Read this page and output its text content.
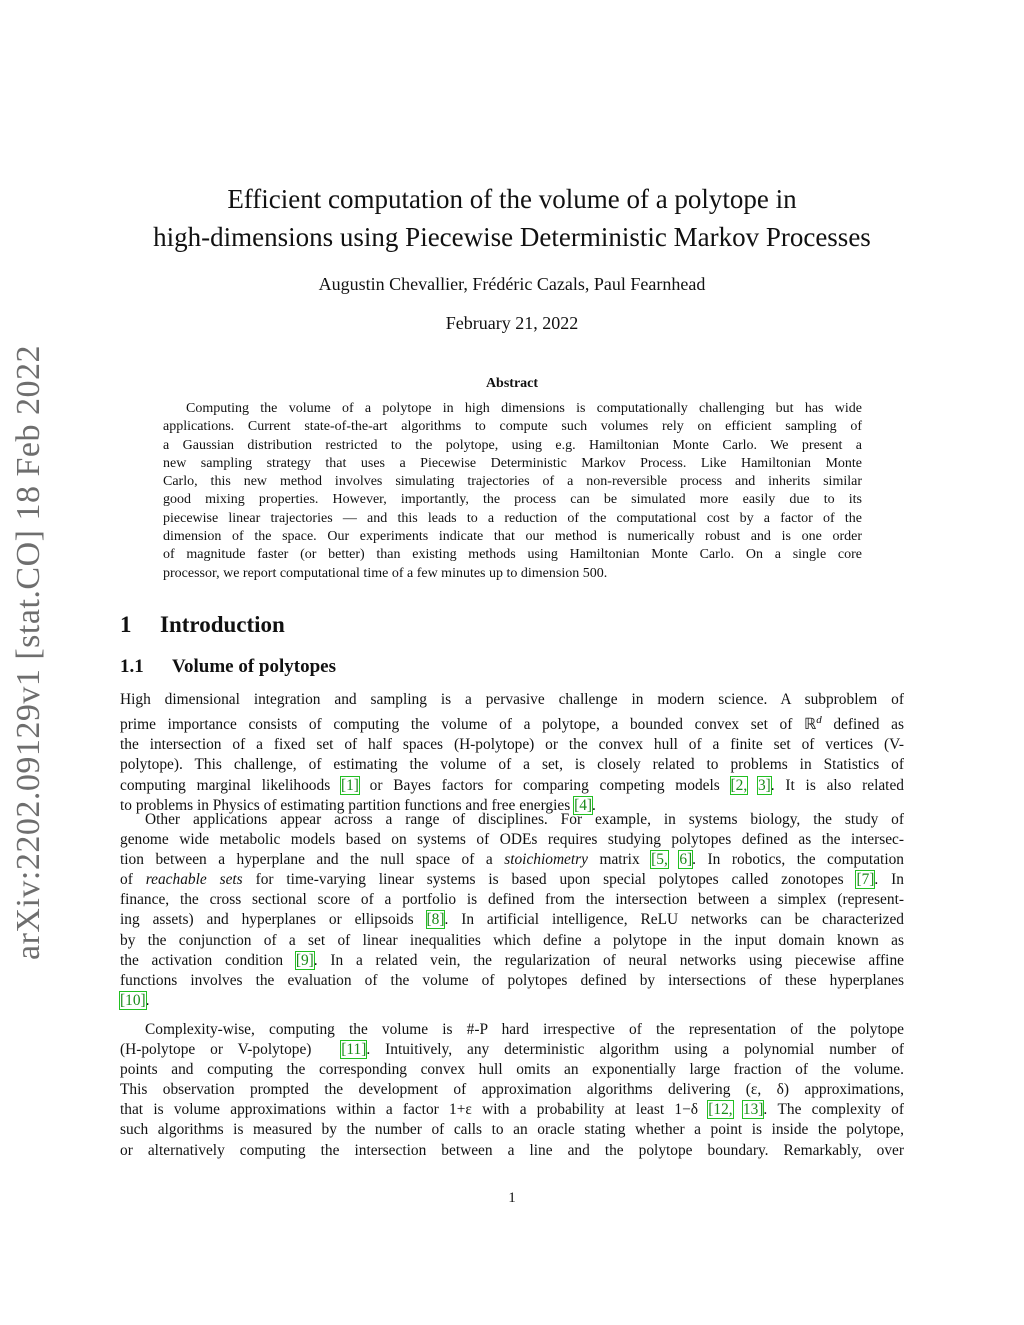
arXiv:2202.09129v1 [stat.CO] 18 Feb 2022
Efficient computation of the volume of a polytope in
high-dimensions using Piecewise Deterministic Markov Processes
Augustin Chevallier, Frédéric Cazals, Paul Fearnhead
February 21, 2022
Abstract
Computing the volume of a polytope in high dimensions is computationally challenging but has wide
applications. Current state-of-the-art algorithms to compute such volumes rely on efficient sampling of
a Gaussian distribution restricted to the polytope, using e.g. Hamiltonian Monte Carlo. We present a
new sampling strategy that uses a Piecewise Deterministic Markov Process. Like Hamiltonian Monte
Carlo, this new method involves simulating trajectories of a non-reversible process and inherits similar
good mixing properties. However, importantly, the process can be simulated more easily due to its
piecewise linear trajectories — and this leads to a reduction of the computational cost by a factor of the
dimension of the space. Our experiments indicate that our method is numerically robust and is one order
of magnitude faster (or better) than existing methods using Hamiltonian Monte Carlo. On a single core
processor, we report computational time of a few minutes up to dimension 500.
1 Introduction
1.1 Volume of polytopes
High dimensional integration and sampling is a pervasive challenge in modern science. A subproblem of
prime importance consists of computing the volume of a polytope, a bounded convex set of ℝ$^d$ defined as
the intersection of a fixed set of half spaces (H-polytope) or the convex hull of a finite set of vertices (V-
polytope). This challenge, of estimating the volume of a set, is closely related to problems in Statistics of
computing marginal likelihoods [1] or Bayes factors for comparing competing models [2, 3]. It is also related
to problems in Physics of estimating partition functions and free energies [4].
Other applications appear across a range of disciplines. For example, in systems biology, the study of
genome wide metabolic models based on systems of ODEs requires studying polytopes defined as the intersec-
tion between a hyperplane and the null space of a stoichiometry matrix [5, 6]. In robotics, the computation
of reachable sets for time-varying linear systems is based upon special polytopes called zonotopes [7]. In
finance, the cross sectional score of a portfolio is defined from the intersection between a simplex (represent-
ing assets) and hyperplanes or ellipsoids [8]. In artificial intelligence, ReLU networks can be characterized
by the conjunction of a set of linear inequalities which define a polytope in the input domain known as
the activation condition [9]. In a related vein, the regularization of neural networks using piecewise affine
functions involves the evaluation of the volume of polytopes defined by intersections of these hyperplanes
[10].
Complexity-wise, computing the volume is #-P hard irrespective of the representation of the polytope
(H-polytope or V-polytope)  [11]. Intuitively, any deterministic algorithm using a polynomial number of
points and computing the corresponding convex hull omits an exponentially large fraction of the volume.
This observation prompted the development of approximation algorithms delivering (ε, δ) approximations,
that is volume approximations within a factor 1+ε with a probability at least 1−δ [12, 13]. The complexity of
such algorithms is measured by the number of calls to an oracle stating whether a point is inside the polytope,
or alternatively computing the intersection between a line and the polytope boundary. Remarkably, over
1
